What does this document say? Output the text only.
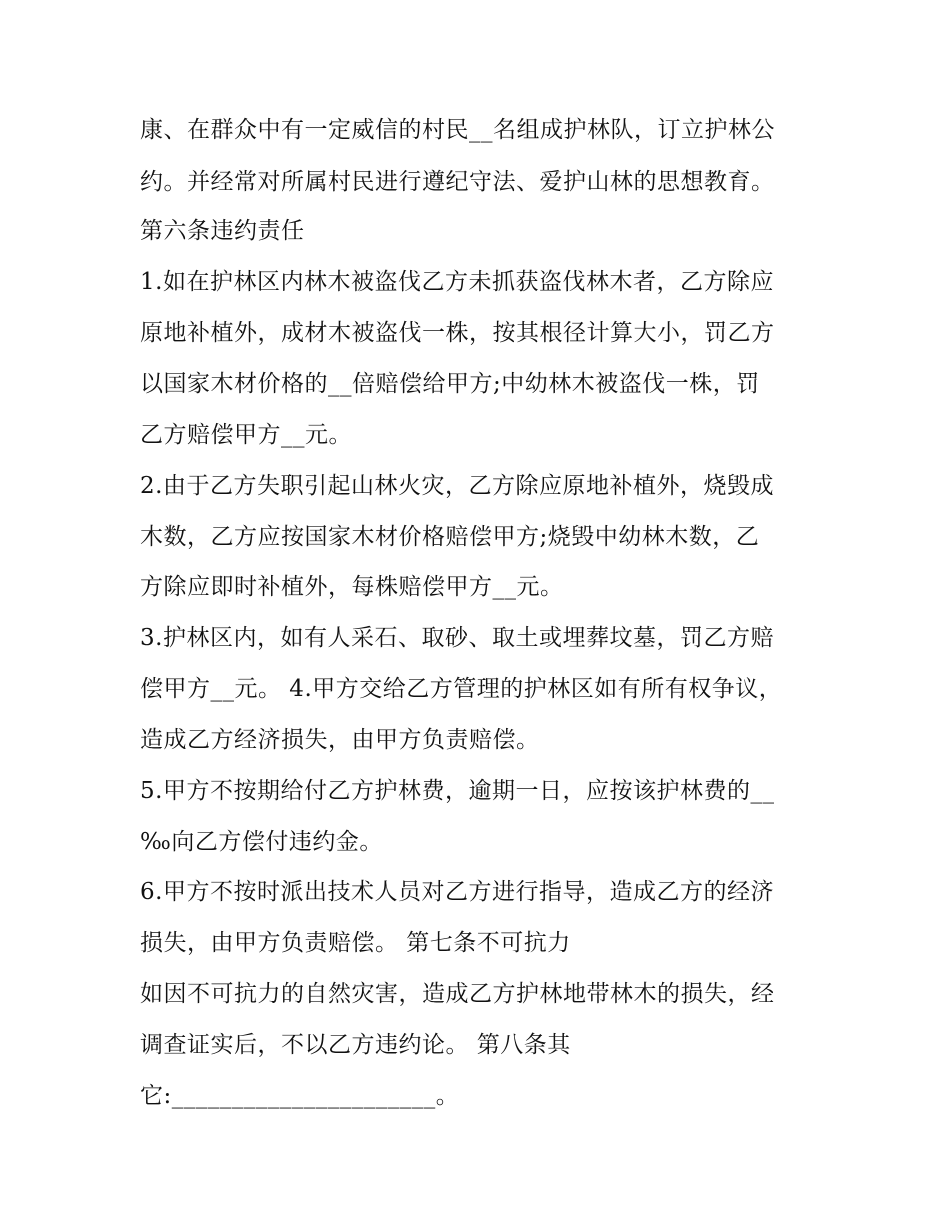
康、在群众中有一定威信的村民__名组成护林队，订立护林公
约。并经常对所属村民进行遵纪守法、爱护山林的思想教育。
第六条违约责任
1.如在护林区内林木被盗伐乙方未抓获盗伐林木者，乙方除应
原地补植外，成材木被盗伐一株，按其根径计算大小，罚乙方
以国家木材价格的__倍赔偿给甲方;中幼林木被盗伐一株，罚
乙方赔偿甲方__元。
2.由于乙方失职引起山林火灾，乙方除应原地补植外，烧毁成
木数，乙方应按国家木材价格赔偿甲方;烧毁中幼林木数，乙
方除应即时补植外，每株赔偿甲方__元。
3.护林区内，如有人采石、取砂、取土或埋葬坟墓，罚乙方赔
偿甲方__元。 4.甲方交给乙方管理的护林区如有所有权争议，
造成乙方经济损失，由甲方负责赔偿。
5.甲方不按期给付乙方护林费，逾期一日，应按该护林费的__
‰向乙方偿付违约金。
6.甲方不按时派出技术人员对乙方进行指导，造成乙方的经济
损失，由甲方负责赔偿。 第七条不可抗力
如因不可抗力的自然灾害，造成乙方护林地带林木的损失，经
调查证实后，不以乙方违约论。 第八条其
它:______________________。
